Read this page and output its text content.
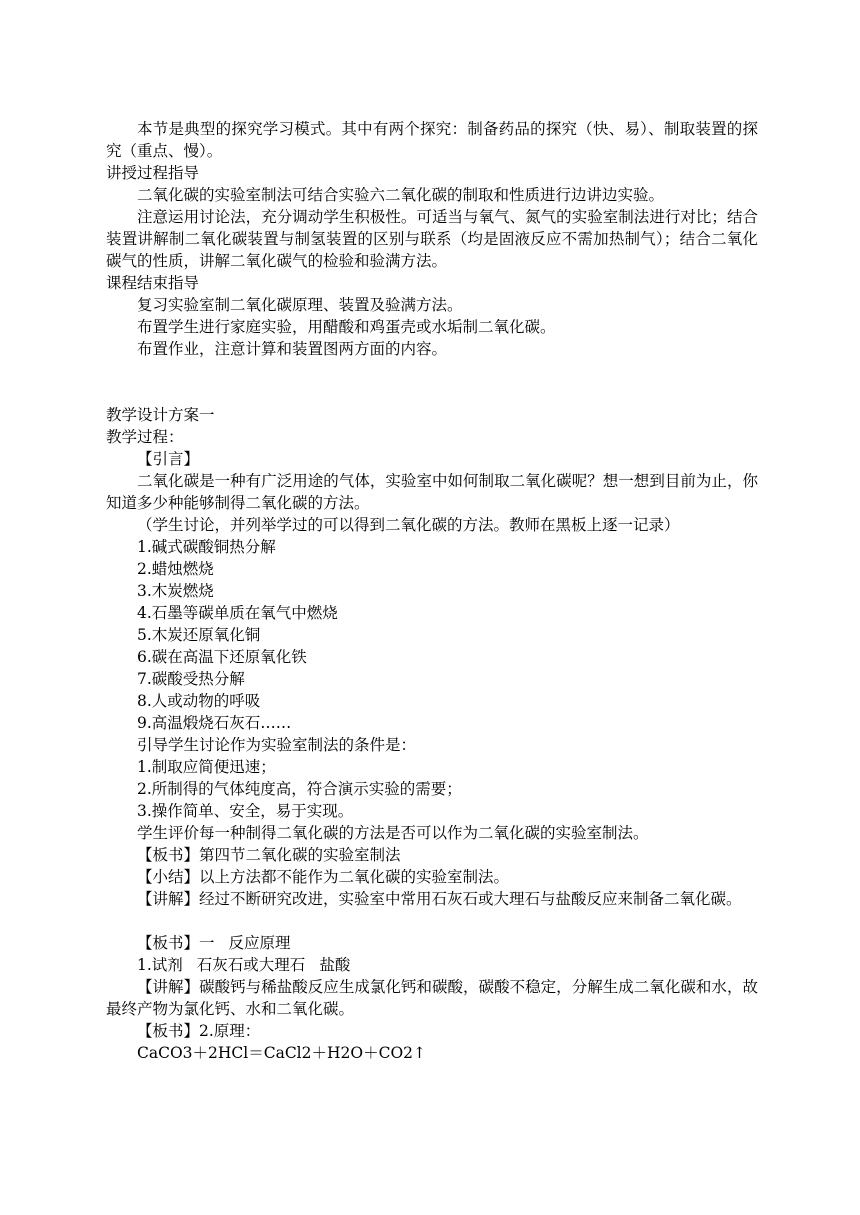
本节是典型的探究学习模式。其中有两个探究：制备药品的探究（快、易）、制取装置的探究（重点、慢）。

讲授过程指导

二氧化碳的实验室制法可结合实验六二氧化碳的制取和性质进行边讲边实验。

注意运用讨论法，充分调动学生积极性。可适当与氧气、氮气的实验室制法进行对比；结合装置讲解制二氧化碳装置与制氢装置的区别与联系（均是固液反应不需加热制气）；结合二氧化碳气的性质，讲解二氧化碳气的检验和验满方法。

课程结束指导

复习实验室制二氧化碳原理、装置及验满方法。

布置学生进行家庭实验，用醋酸和鸡蛋壳或水垢制二氧化碳。

布置作业，注意计算和装置图两方面的内容。

教学设计方案一

教学过程：

【引言】

二氧化碳是一种有广泛用途的气体，实验室中如何制取二氧化碳呢？想一想到目前为止，你知道多少种能够制得二氧化碳的方法。

（学生讨论，并列举学过的可以得到二氧化碳的方法。教师在黑板上逐一记录）

1.碱式碳酸铜热分解

2.蜡烛燃烧

3.木炭燃烧

4.石墨等碳单质在氧气中燃烧

5.木炭还原氧化铜

6.碳在高温下还原氧化铁

7.碳酸受热分解

8.人或动物的呼吸

9.高温煅烧石灰石……

引导学生讨论作为实验室制法的条件是：

1.制取应简便迅速；

2.所制得的气体纯度高，符合演示实验的需要；

3.操作简单、安全，易于实现。

学生评价每一种制得二氧化碳的方法是否可以作为二氧化碳的实验室制法。

【板书】第四节二氧化碳的实验室制法

【小结】以上方法都不能作为二氧化碳的实验室制法。

【讲解】经过不断研究改进，实验室中常用石灰石或大理石与盐酸反应来制备二氧化碳。

【板书】一 反应原理

1.试剂 石灰石或大理石 盐酸

【讲解】碳酸钙与稀盐酸反应生成氯化钙和碳酸，碳酸不稳定，分解生成二氧化碳和水，故最终产物为氯化钙、水和二氧化碳。

【板书】2.原理：

CaCO3＋2HCl＝CaCl2＋H2O＋CO2↑
